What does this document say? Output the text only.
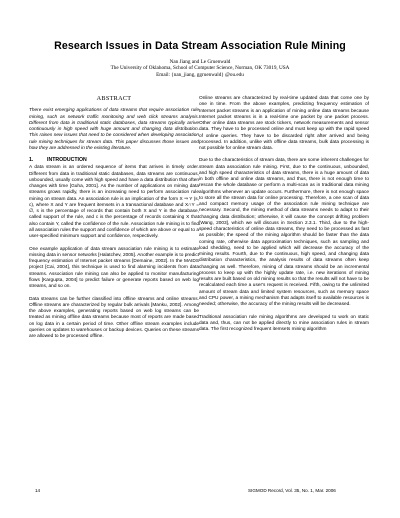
Research Issues in Data Stream Association Rule Mining
Nan Jiang and Le Gruenwald
The University of Oklahoma, School of Computer Science, Norman, OK 73019, USA
Email: {nan_jiang, ggruenwald} @ou.edu

ABSTRACT

There exist emerging applications of data streams that require association rule mining, such as network traffic monitoring and web click streams analysis. Different from data in traditional static databases, data streams typically arrive continuously in high speed with huge amount and changing data distribution. This raises new issues that need to be considered when developing association rule mining techniques for stream data. This paper discusses those issues and how they are addressed in the existing literature.

1.	INTRODUCTION

A data stream is an ordered sequence of items that arrives in timely order. Different from data in traditional static databases, data streams are continuous, unbounded, usually come with high speed and have a data distribution that often changes with time [Guha, 2001]. As the number of applications on mining data streams grows rapidly, there is an increasing need to perform association rule mining on stream data. An association rule is an implication of the form X ⇒ Y (s, c), where X and Y are frequent itemsets in a transactional database and X∩Y = ∅, s is the percentage of records that contain both X and Y in the database, called support of the rule, and c is the percentage of records containing X that also contain Y, called the confidence of the rule. Association rule mining is to find all association rules the support and confidence of which are above or equal to a user-specified minimum support and confidence, respectively.

One example application of data stream association rule mining is to estimate missing data in sensor networks [Halatchev, 2005]. Another example is to predict frequency estimation of Internet packet streams [Demaine, 2002]. In the MAIDS project [Cai, 2004], this technique is used to find alarming incidents from data streams. Association rule mining can also be applied to monitor manufacturing flows [Kargupta, 2004] to predict failure or generate reports based on web log streams, and so on.

Data streams can be further classified into offline streams and online streams. Offline streams are characterized by regular bulk arrivals [Manku, 2002]. Among the above examples, generating reports based on web log streams can be treated as mining offline data streams because most of reports are made based on log data in a certain period of time. Other offline stream examples include queries on updates to warehouses or backup devices. Queries on these streams are allowed to be processed offline.

Online streams are characterized by real-time updated data that come one by one in time. From the above examples, predicting frequency estimation of Internet packet streams is an application of mining online data streams because Internet packet streams is in a real-time one packet by one packet process. Other online data streams are stock tickers, network measurements and sensor data. They have to be processed online and must keep up with the rapid speed of online queries. They have to be discarded right after arrived and being processed. In addition, unlike with offline data streams, bulk data processing is not possible for online stream data.

Due to the characteristics of stream data, there are some inherent challenges for stream data association rule mining. First, due to the continuous, unbounded, and high speed characteristics of data streams, there is a huge amount of data in both offline and online data streams, and thus, there is not enough time to rescan the whole database or perform a multi-scan as in traditional data mining algorithms whenever an update occurs. Furthermore, there is not enough space to store all the stream data for online processing. Therefore, a one scan of data and compact memory usage of the association rule mining technique are necessary. Second, the mining method of data streams needs to adapt to their changing data distribution; otherwise, it will cause the concept drifting problem [Wang, 2003], which we will discuss in Section 2.3.1. Third, due to the high-speed characteristics of online data streams, they need to be processed as fast as possible; the speed of the mining algorithm should be faster than the data coming rate, otherwise data approximation techniques, such as sampling and load shedding, need to be applied which will decrease the accuracy of the mining results. Fourth, due to the continuous, high speed, and changing data distribution characteristics, the analysis results of data streams often keep changing as well. Therefore, mining of data streams should be an incremental process to keep up with the highly update rate, i.e. new iterations of mining results are built based on old mining results so that the results will not have to be recalculated each time a user's request is received. Fifth, owing to the unlimited amount of stream data and limited system resources, such as memory space and CPU power, a mining mechanism that adapts itself to available resources is needed; otherwise, the accuracy of the mining results will be decreased.

Traditional association rule mining algorithms are developed to work on static data and, thus, can not be applied directly to mine association rules in stream data. The first recognized frequent itemsets mining algorithm

14	SIGMOD Record, Vol. 35, No. 1, Mar. 2006
